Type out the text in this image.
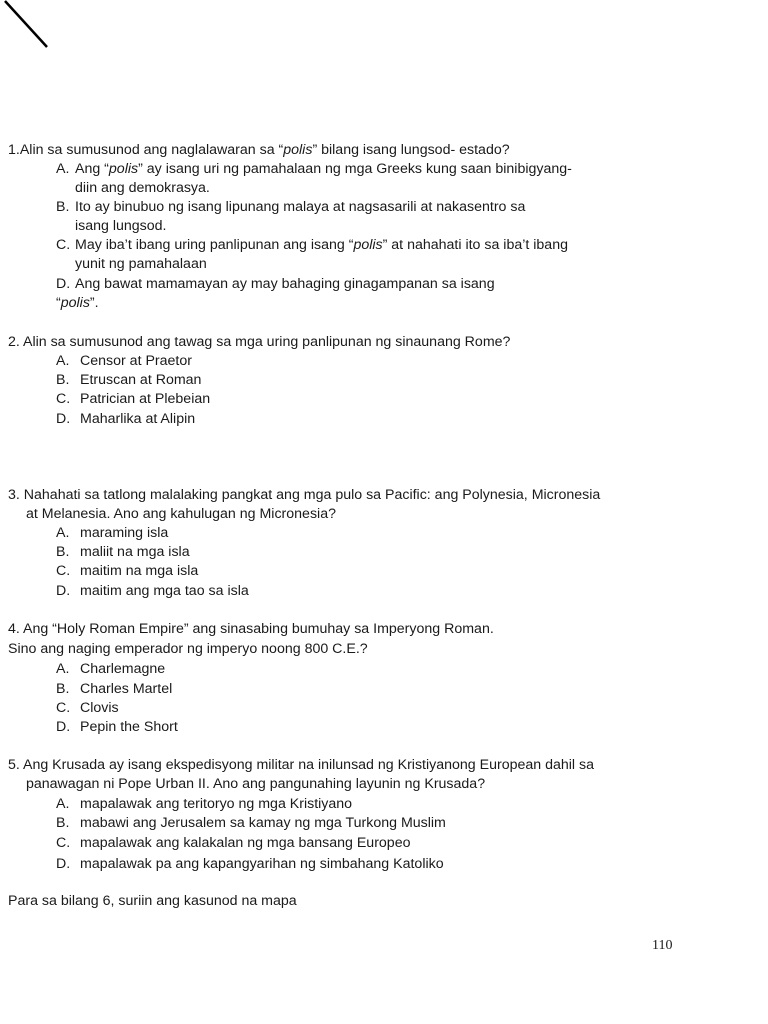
1.Alin sa sumusunod ang naglalawaran sa “polis” bilang isang lungsod- estado?
A. Ang “polis” ay isang uri ng pamahalaan ng mga Greeks kung saan binibigyang-
diin ang demokrasya.
B. Ito ay binubuo ng isang lipunang malaya at nagsasarili at nakasentro sa
isang lungsod.
C. May iba’t ibang uring panlipunan ang isang “polis” at nahahati ito sa iba’t ibang
yunit ng pamahalaan
D. Ang bawat mamamayan ay may bahaging ginagampanan sa isang
“polis”.
2. Alin sa sumusunod ang tawag sa mga uring panlipunan ng sinaunang Rome?
A. Censor at Praetor
B. Etruscan at Roman
C. Patrician at Plebeian
D. Maharlika at Alipin
3. Nahahati sa tatlong malalaking pangkat ang mga pulo sa Pacific: ang Polynesia, Micronesia
at Melanesia. Ano ang kahulugan ng Micronesia?
A. maraming isla
B. maliit na mga isla
C. maitim na mga isla
D. maitim ang mga tao sa isla
4. Ang “Holy Roman Empire” ang sinasabing bumuhay sa Imperyong Roman.
Sino ang naging emperador ng imperyo noong 800 C.E.?
A. Charlemagne
B. Charles Martel
C. Clovis
D. Pepin the Short
5. Ang Krusada ay isang ekspedisyong militar na inilunsad ng Kristiyanong European dahil sa
panawagan ni Pope Urban II. Ano ang pangunahing layunin ng Krusada?
A. mapalawak ang teritoryo ng mga Kristiyano
B. mabawi ang Jerusalem sa kamay ng mga Turkong Muslim
C. mapalawak ang kalakalan ng mga bansang Europeo
D. mapalawak pa ang kapangyarihan ng simbahang Katoliko
Para sa bilang 6, suriin ang kasunod na mapa
110
